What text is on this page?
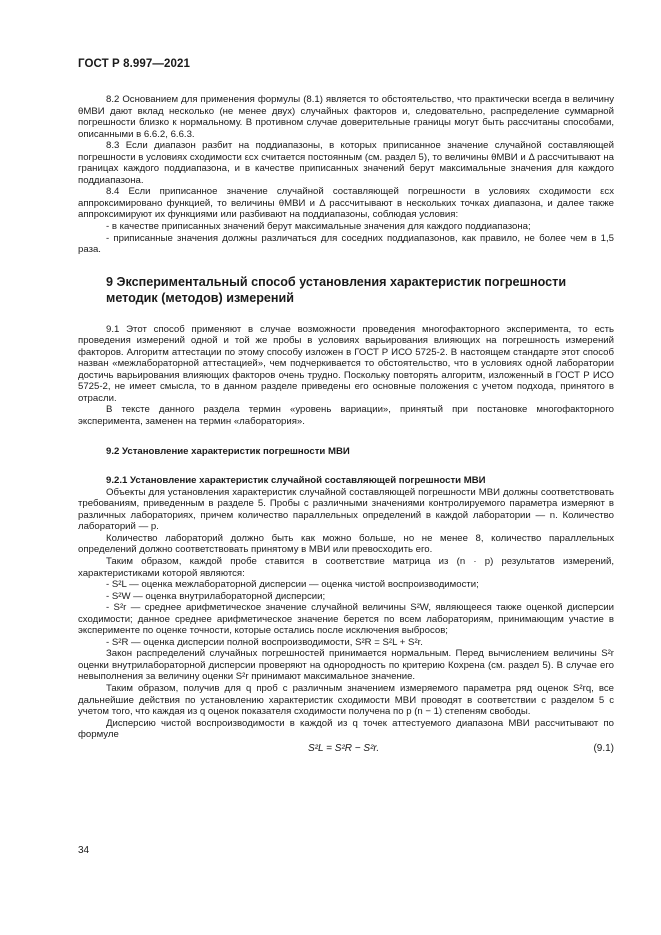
ГОСТ Р 8.997—2021

8.2 Основанием для применения формулы (8.1) является то обстоятельство, что практически всегда в величину θМВИ дают вклад несколько (не менее двух) случайных факторов и, следовательно, распределение суммарной погрешности близко к нормальному. В противном случае доверительные границы могут быть рассчитаны способами, описанными в 6.6.2, 6.6.3.

8.3 Если диапазон разбит на поддиапазоны, в которых приписанное значение случайной составляющей погрешности в условиях сходимости εсх считается постоянным (см. раздел 5), то величины θМВИ и Δ рассчитывают на границах каждого поддиапазона, и в качестве приписанных значений берут максимальные значения для каждого поддиапазона.

8.4 Если приписанное значение случайной составляющей погрешности в условиях сходимости εсх аппроксимировано функцией, то величины θМВИ и Δ рассчитывают в нескольких точках диапазона, и далее также аппроксимируют их функциями или разбивают на поддиапазоны, соблюдая условия:

- в качестве приписанных значений берут максимальные значения для каждого поддиапазона;

- приписанные значения должны различаться для соседних поддиапазонов, как правило, не более чем в 1,5 раза.

9 Экспериментальный способ установления характеристик погрешности методик (методов) измерений

9.1 Этот способ применяют в случае возможности проведения многофакторного эксперимента, то есть проведения измерений одной и той же пробы в условиях варьирования влияющих на погрешность измерений факторов. Алгоритм аттестации по этому способу изложен в ГОСТ Р ИСО 5725-2. В настоящем стандарте этот способ назван «межлабораторной аттестацией», чем подчеркивается то обстоятельство, что в условиях одной лаборатории достичь варьирования влияющих факторов очень трудно. Поскольку повторять алгоритм, изложенный в ГОСТ Р ИСО 5725-2, не имеет смысла, то в данном разделе приведены его основные положения с учетом подхода, принятого в отрасли.

В тексте данного раздела термин «уровень вариации», принятый при постановке многофакторного эксперимента, заменен на термин «лаборатория».

9.2 Установление характеристик погрешности МВИ

9.2.1 Установление характеристик случайной составляющей погрешности МВИ

Объекты для установления характеристик случайной составляющей погрешности МВИ должны соответствовать требованиям, приведенным в разделе 5. Пробы с различными значениями контролируемого параметра измеряют в различных лабораториях, причем количество параллельных определений в каждой лаборатории — n. Количество лабораторий — p.

Количество лабораторий должно быть как можно больше, но не менее 8, количество параллельных определений должно соответствовать принятому в МВИ или превосходить его.

Таким образом, каждой пробе ставится в соответствие матрица из (n · p) результатов измерений, характеристиками которой являются:

- S²L — оценка межлабораторной дисперсии — оценка чистой воспроизводимости;

- S²W — оценка внутрилабораторной дисперсии;

- S²r — среднее арифметическое значение случайной величины S²W, являющееся также оценкой дисперсии сходимости; данное среднее арифметическое значение берется по всем лабораториям, принимающим участие в эксперименте по оценке точности, которые остались после исключения выбросов;

- S²R — оценка дисперсии полной воспроизводимости, S²R = S²L + S²r.

Закон распределений случайных погрешностей принимается нормальным. Перед вычислением величины S²r оценки внутрилабораторной дисперсии проверяют на однородность по критерию Кохрена (см. раздел 5). В случае его невыполнения за величину оценки S²r принимают максимальное значение.

Таким образом, получив для q проб с различным значением измеряемого параметра ряд оценок S²rq, все дальнейшие действия по установлению характеристик сходимости МВИ проводят в соответствии с разделом 5 с учетом того, что каждая из q оценок показателя сходимости получена по p (n − 1) степеням свободы.

Дисперсию чистой воспроизводимости в каждой из q точек аттестуемого диапазона МВИ рассчитывают по формуле

S²L = S²R − S²r.	(9.1)
34
